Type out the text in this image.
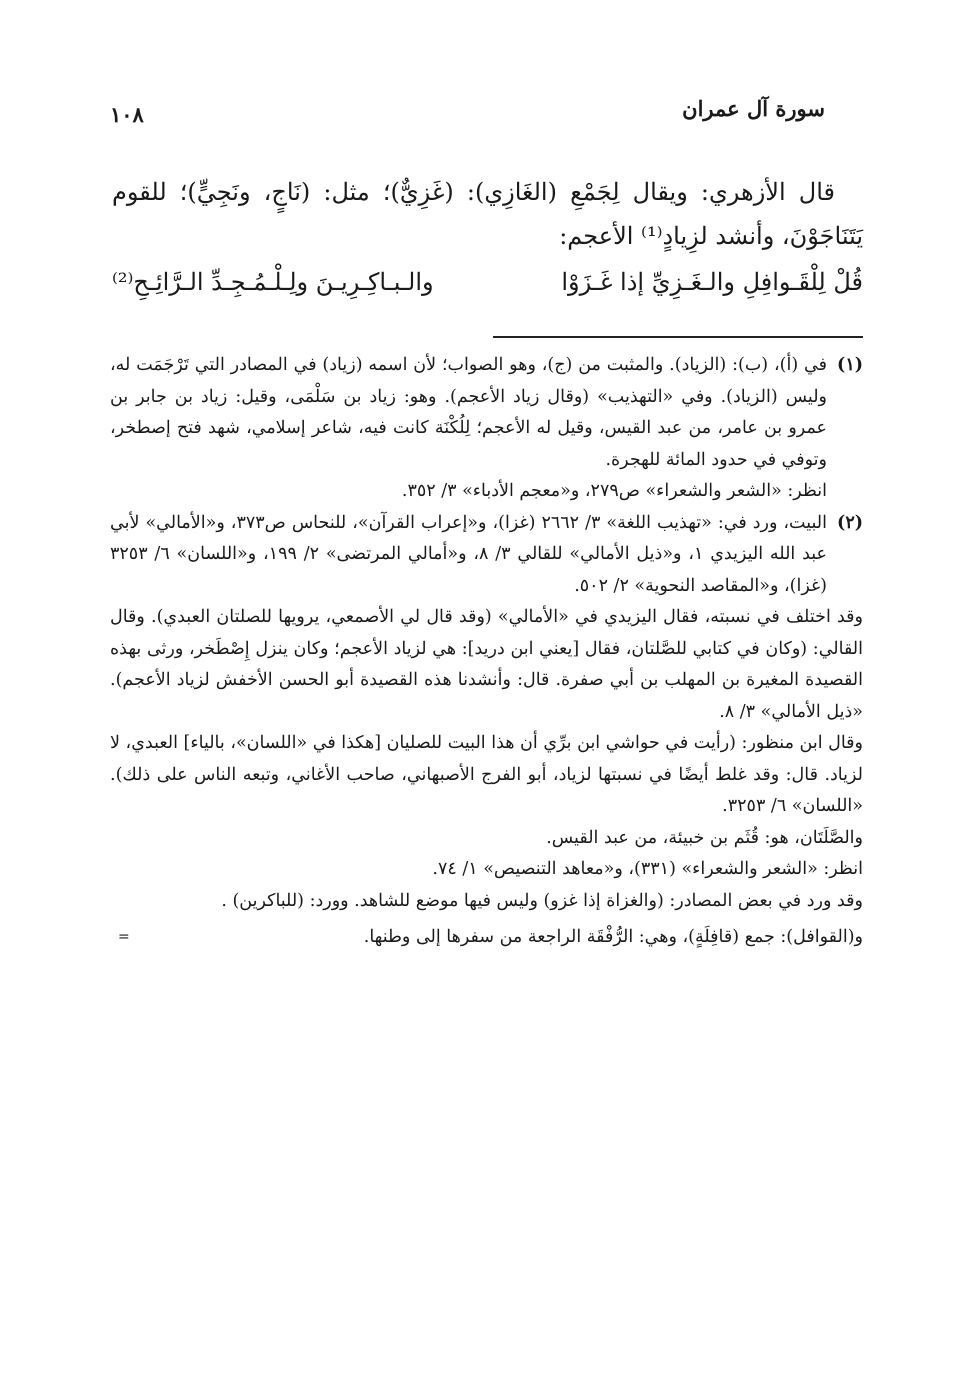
سورة آل عمران
١٠٨

قال الأزهري: ويقال لِجَمْعِ (الغَازِي): (غَزِيٌّ)؛ مثل: (نَاجٍ، ونَجِيٍّ)؛ للقوم يَتَنَاجَوْنَ، وأنشد لزِيادٍ⁽¹⁾ الأعجم:

قُلْ لِلْقَـوافِلِ والـغَـزِيِّ إذا غَـزَوْا
والـبـاكِـرِيـنَ ولِـلْـمُـجِـدِّ الـرَّائِـحِ⁽²⁾
(١)

في (أ)، (ب): (الزياد). والمثبت من (ج)، وهو الصواب؛ لأن اسمه (زياد) في المصادر التي تَرْجَمَت له، وليس (الزياد). وفي «التهذيب» (وقال زياد الأعجم). وهو: زياد بن سَلْمَى، وقيل: زياد بن جابر بن عمرو بن عامر، من عبد القيس، وقيل له الأعجم؛ لِلُكْنَة كانت فيه، شاعر إسلامي، شهد فتح إصطخر، وتوفي في حدود المائة للهجرة.

انظر: «الشعر والشعراء» ص٢٧٩، و«معجم الأدباء» ٣/ ٣٥٢.

(٢)

البيت، ورد في: «تهذيب اللغة» ٣/ ٢٦٦٢ (غزا)، و«إعراب القرآن»، للنحاس ص٣٧٣، و«الأمالي» لأبي عبد الله اليزيدي ١، و«ذيل الأمالي» للقالي ٣/ ٨، و«أمالي المرتضى» ٢/ ١٩٩، و«اللسان» ٦/ ٣٢٥٣ (غزا)، و«المقاصد النحوية» ٢/ ٥٠٢.

وقد اختلف في نسبته، فقال اليزيدي في «الأمالي» (وقد قال لي الأصمعي، يرويها للصلتان العبدي). وقال القالي: (وكان في كتابي للصَّلتان، فقال [يعني ابن دريد]: هي لزياد الأعجم؛ وكان ينزل إِصْطَخر، ورثى بهذه القصيدة المغيرة بن المهلب بن أبي صفرة. قال: وأنشدنا هذه القصيدة أبو الحسن الأخفش لزياد الأعجم). «ذيل الأمالي» ٣/ ٨.

وقال ابن منظور: (رأيت في حواشي ابن برِّي أن هذا البيت للصليان [هكذا في «اللسان»، بالياء] العبدي، لا لزياد. قال: وقد غلط أيضًا في نسبتها لزياد، أبو الفرج الأصبهاني، صاحب الأغاني، وتبعه الناس على ذلك). «اللسان» ٦/ ٣٢٥٣.

والصَّلَتَان، هو: قُثَم بن خبيئة، من عبد القيس.

انظر: «الشعر والشعراء» (٣٣١)، و«معاهد التنصيص» ١/ ٧٤.

وقد ورد في بعض المصادر: (والغزاة إذا غزو) وليس فيها موضع للشاهد. وورد: (للباكرين) .

و(القوافل): جمع (قافِلَةٍ)، وهي: الرُّفْقَة الراجعة من سفرها إلى وطنها.
=
